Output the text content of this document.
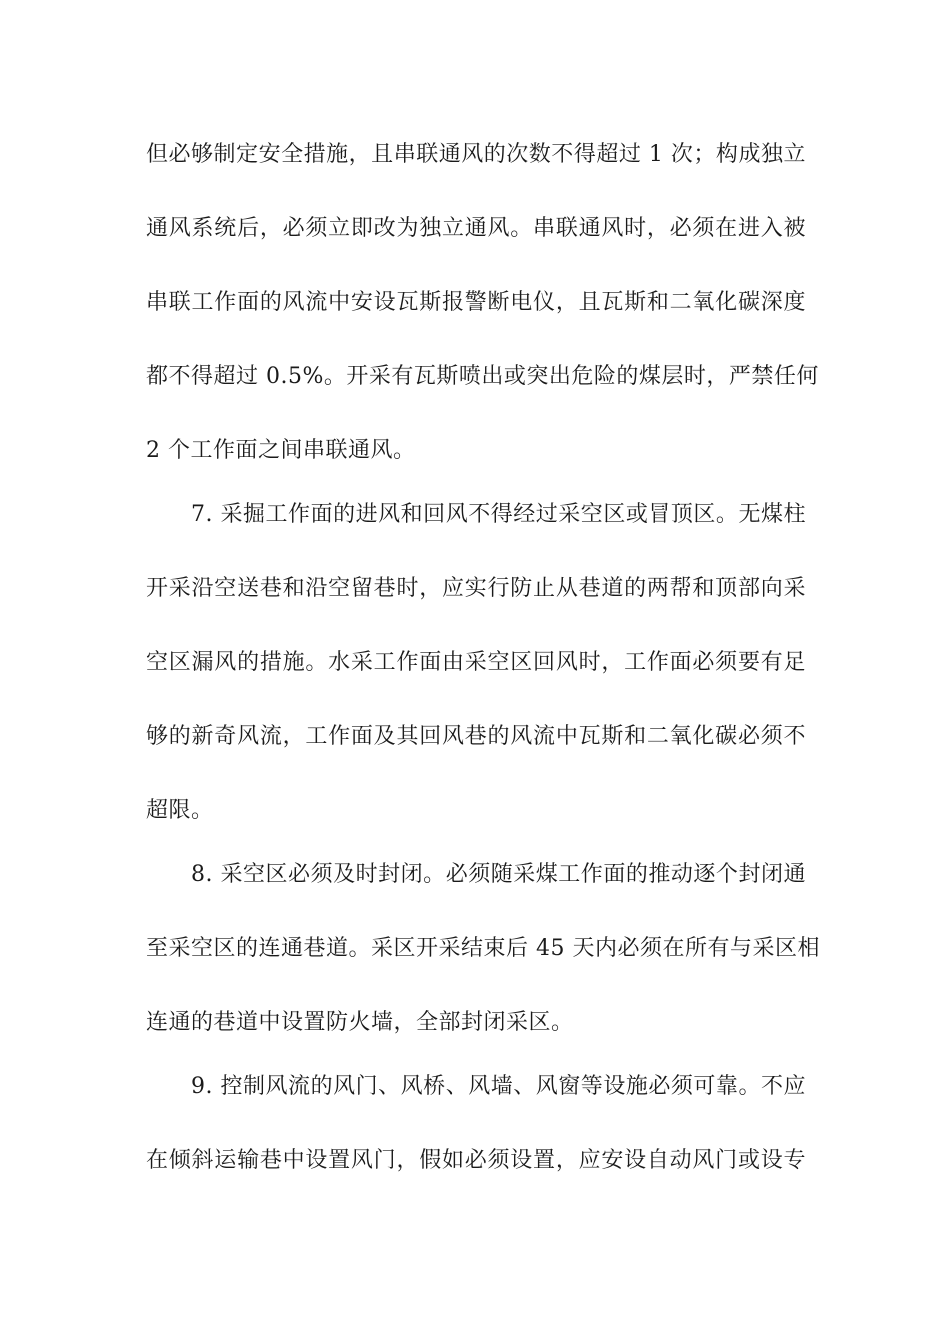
但必够制定安全措施，且串联通风的次数不得超过 1 次；构成独立

通风系统后，必须立即改为独立通风。串联通风时，必须在进入被

串联工作面的风流中安设瓦斯报警断电仪，且瓦斯和二氧化碳深度

都不得超过 0.5%。开采有瓦斯喷出或突出危险的煤层时，严禁任何

2 个工作面之间串联通风。

7. 采掘工作面的进风和回风不得经过采空区或冒顶区。无煤柱

开采沿空送巷和沿空留巷时，应实行防止从巷道的两帮和顶部向采

空区漏风的措施。水采工作面由采空区回风时，工作面必须要有足

够的新奇风流，工作面及其回风巷的风流中瓦斯和二氧化碳必须不

超限。

8. 采空区必须及时封闭。必须随采煤工作面的推动逐个封闭通

至采空区的连通巷道。采区开采结束后 45 天内必须在所有与采区相

连通的巷道中设置防火墙，全部封闭采区。

9. 控制风流的风门、风桥、风墙、风窗等设施必须可靠。不应

在倾斜运输巷中设置风门，假如必须设置，应安设自动风门或设专
